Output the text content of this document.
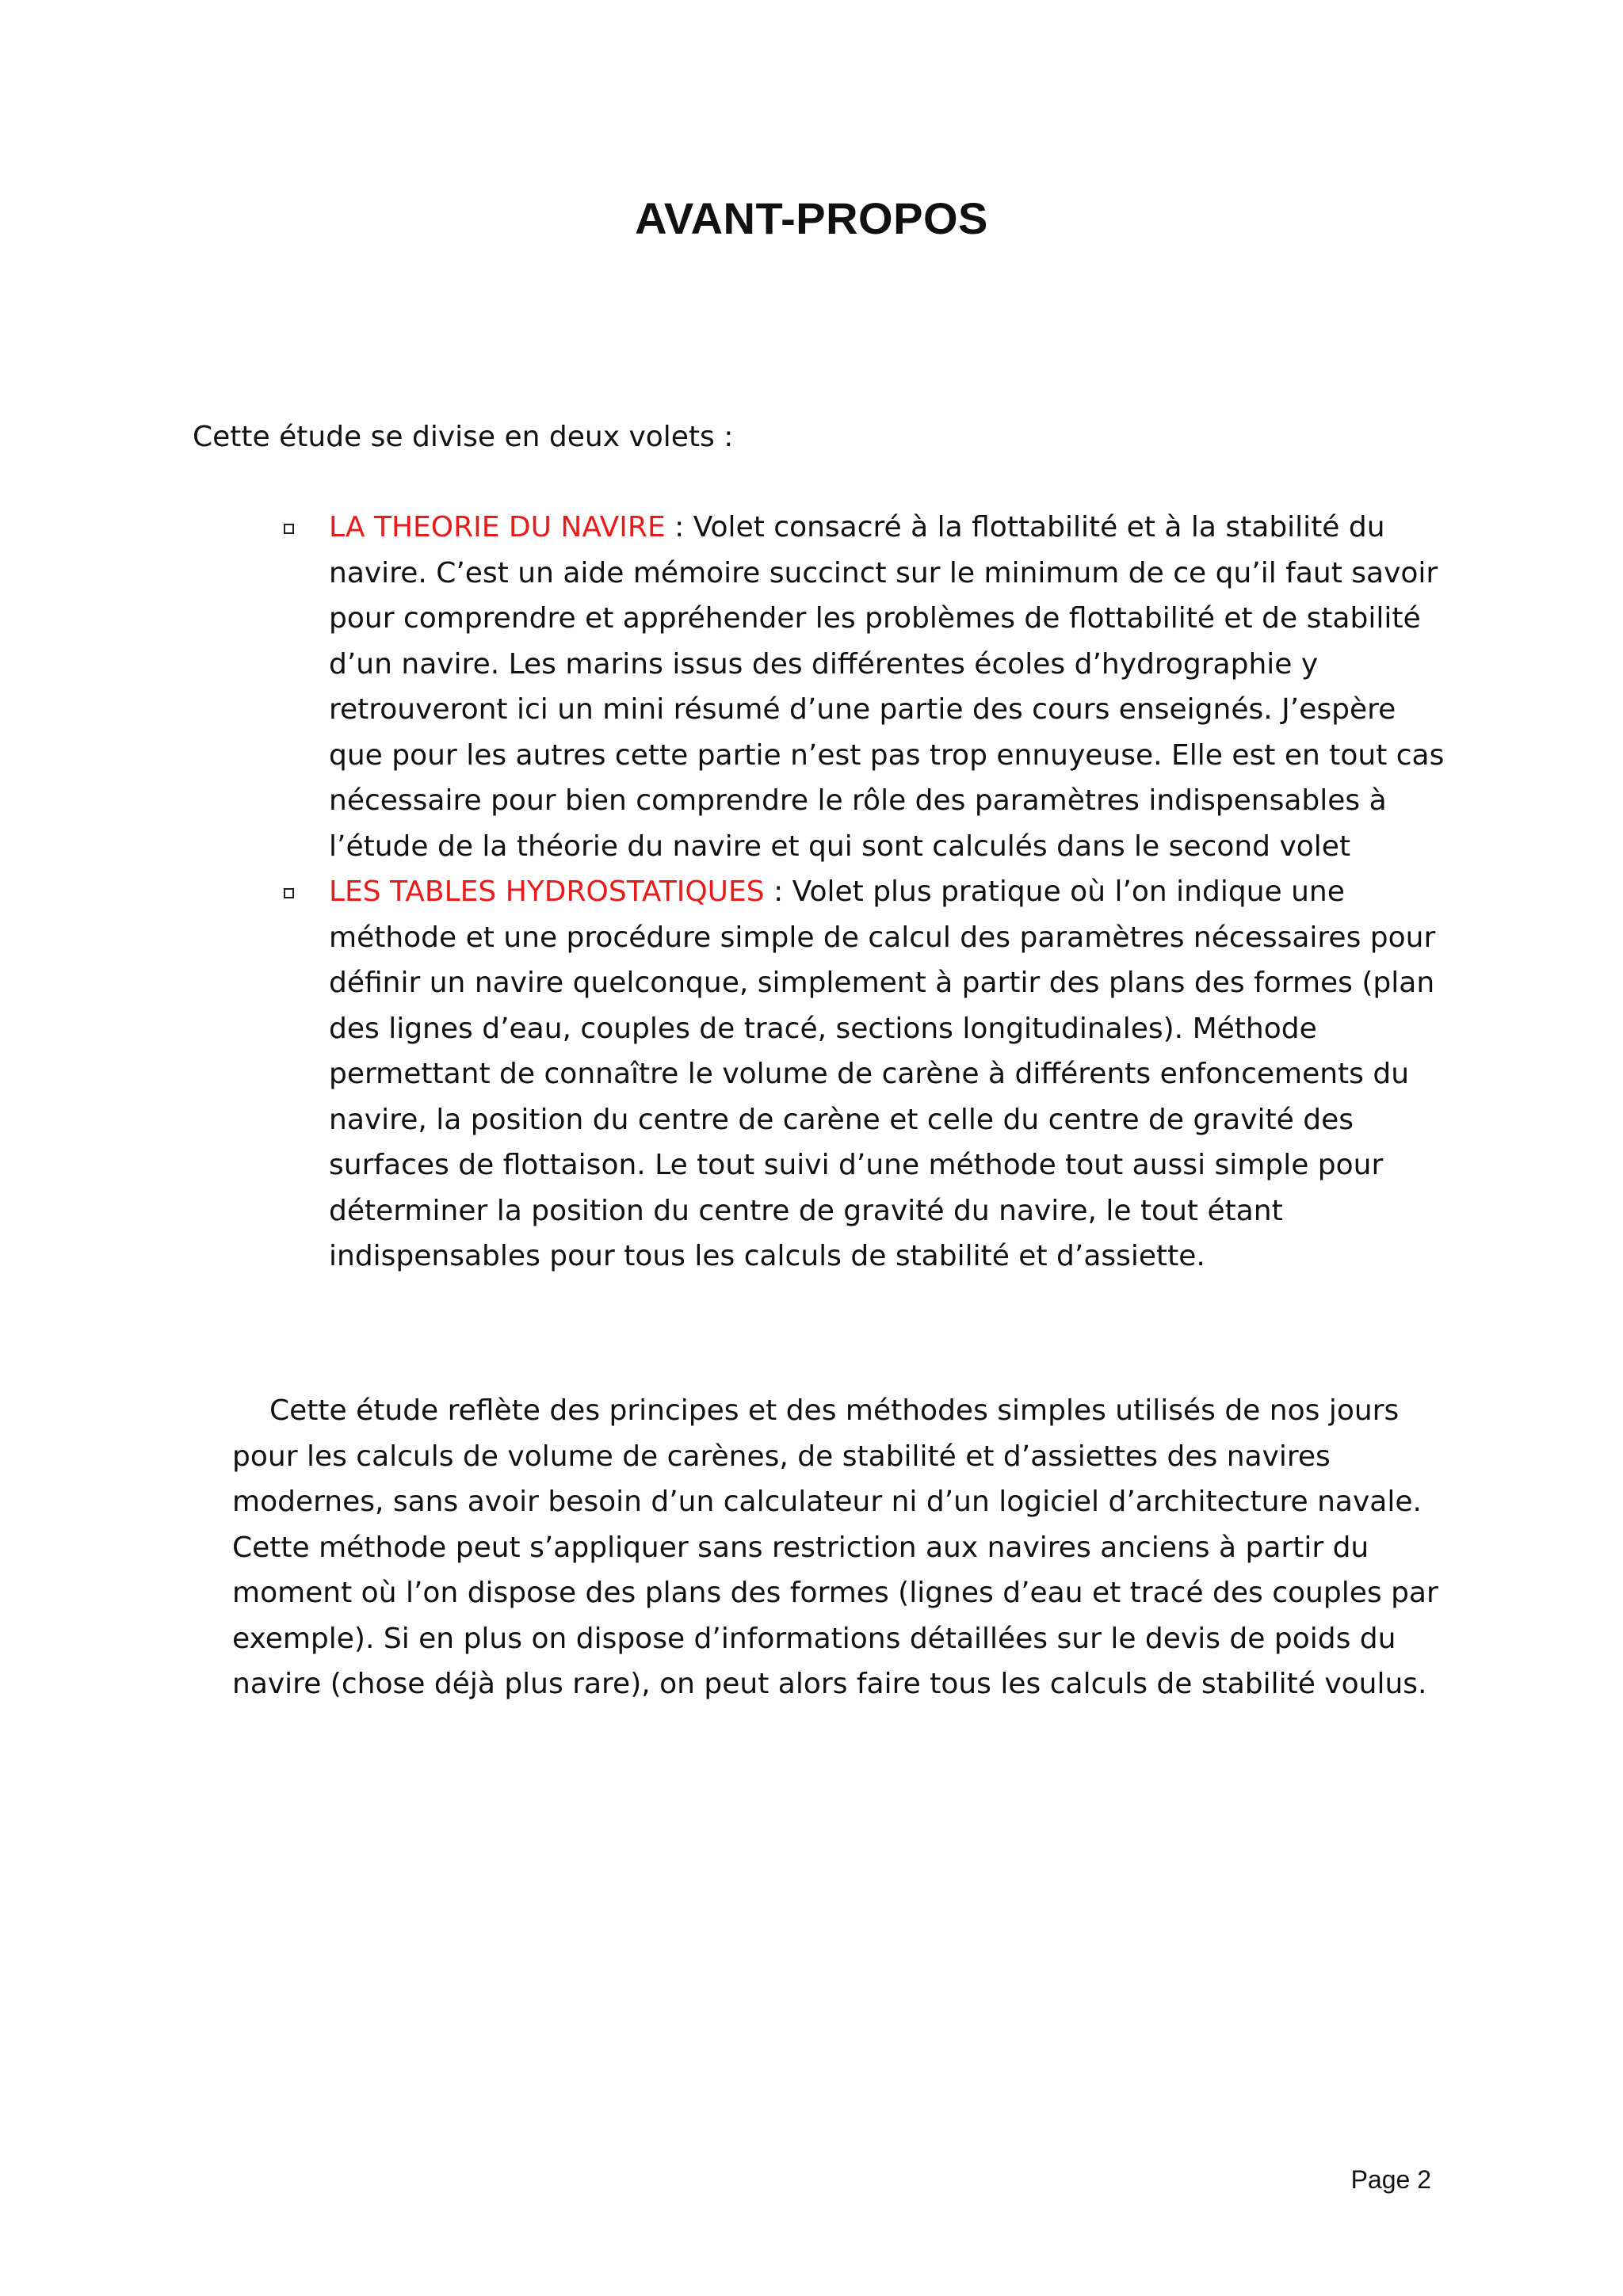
AVANT-PROPOS

Cette étude se divise en deux volets :

LA THEORIE DU NAVIRE : Volet consacré à la flottabilité et à la stabilité du navire. C’est un aide mémoire succinct sur le minimum de ce qu’il faut savoir pour comprendre et appréhender les problèmes de flottabilité et de stabilité d’un navire. Les marins issus des différentes écoles d’hydrographie y retrouveront ici un mini résumé d’une partie des cours enseignés. J’espère que pour les autres cette partie n’est pas trop ennuyeuse. Elle est en tout cas nécessaire pour bien comprendre le rôle des paramètres indispensables à l’étude de la théorie du navire et qui sont calculés dans le second volet
LES TABLES HYDROSTATIQUES : Volet plus pratique où l’on indique une méthode et une procédure simple de calcul des paramètres nécessaires pour définir un navire quelconque, simplement à partir des plans des formes (plan des lignes d’eau, couples de tracé, sections longitudinales). Méthode permettant de connaître le volume de carène à différents enfoncements du navire, la position du centre de carène et celle du centre de gravité des surfaces de flottaison. Le tout suivi d’une méthode tout aussi simple pour déterminer la position du centre de gravité du navire, le tout étant indispensables pour tous les calculs de stabilité et d’assiette.

Cette étude reflète des principes et des méthodes simples utilisés de nos jours pour les calculs de volume de carènes, de stabilité et d’assiettes des navires modernes, sans avoir besoin d’un calculateur ni d’un logiciel d’architecture navale. Cette méthode peut s’appliquer sans restriction aux navires anciens à partir du moment où l’on dispose des plans des formes (lignes d’eau et tracé des couples par exemple). Si en plus on dispose d’informations détaillées sur le devis de poids du navire (chose déjà plus rare), on peut alors faire tous les calculs de stabilité voulus.

Page 2
